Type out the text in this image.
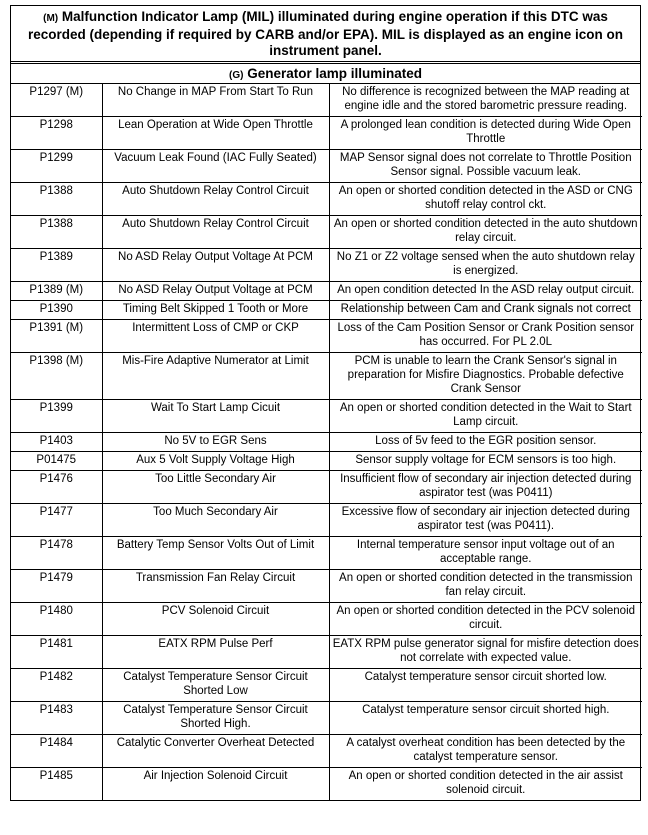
(M) Malfunction Indicator Lamp (MIL) illuminated during engine operation if this DTC was recorded (depending if required by CARB and/or EPA). MIL is displayed as an engine icon on instrument panel.
(G) Generator lamp illuminated
P1297 (M)	No Change in MAP From Start To Run	No difference is recognized between the MAP reading at engine idle and the stored barometric pressure reading.
P1298	Lean Operation at Wide Open Throttle	A prolonged lean condition is detected during Wide Open Throttle
P1299	Vacuum Leak Found (IAC Fully Seated)	MAP Sensor signal does not correlate to Throttle Position Sensor signal. Possible vacuum leak.
P1388	Auto Shutdown Relay Control Circuit	An open or shorted condition detected in the ASD or CNG shutoff relay control ckt.
P1388	Auto Shutdown Relay Control Circuit	An open or shorted condition detected in the auto shutdown relay circuit.
P1389	No ASD Relay Output Voltage At PCM	No Z1 or Z2 voltage sensed when the auto shutdown relay is energized.
P1389 (M)	No ASD Relay Output Voltage at PCM	An open condition detected In the ASD relay output circuit.
P1390	Timing Belt Skipped 1 Tooth or More	Relationship between Cam and Crank signals not correct
P1391 (M)	Intermittent Loss of CMP or CKP	Loss of the Cam Position Sensor or Crank Position sensor has occurred. For PL 2.0L
P1398 (M)	Mis-Fire Adaptive Numerator at Limit	PCM is unable to learn the Crank Sensor's signal in preparation for Misfire Diagnostics. Probable defective Crank Sensor
P1399	Wait To Start Lamp Cicuit	An open or shorted condition detected in the Wait to Start Lamp circuit.
P1403	No 5V to EGR Sens	Loss of 5v feed to the EGR position sensor.
P01475	Aux 5 Volt Supply Voltage High	Sensor supply voltage for ECM sensors is too high.
P1476	Too Little Secondary Air	Insufficient flow of secondary air injection detected during aspirator test (was P0411)
P1477	Too Much Secondary Air	Excessive flow of secondary air injection detected during aspirator test (was P0411).
P1478	Battery Temp Sensor Volts Out of Limit	Internal temperature sensor input voltage out of an acceptable range.
P1479	Transmission Fan Relay Circuit	An open or shorted condition detected in the transmission fan relay circuit.
P1480	PCV Solenoid Circuit	An open or shorted condition detected in the PCV solenoid circuit.
P1481	EATX RPM Pulse Perf	EATX RPM pulse generator signal for misfire detection does not correlate with expected value.
P1482	Catalyst Temperature Sensor Circuit Shorted Low	Catalyst temperature sensor circuit shorted low.
P1483	Catalyst Temperature Sensor Circuit Shorted High.	Catalyst temperature sensor circuit shorted high.
P1484	Catalytic Converter Overheat Detected	A catalyst overheat condition has been detected by the catalyst temperature sensor.
P1485	Air Injection Solenoid Circuit	An open or shorted condition detected in the air assist solenoid circuit.
